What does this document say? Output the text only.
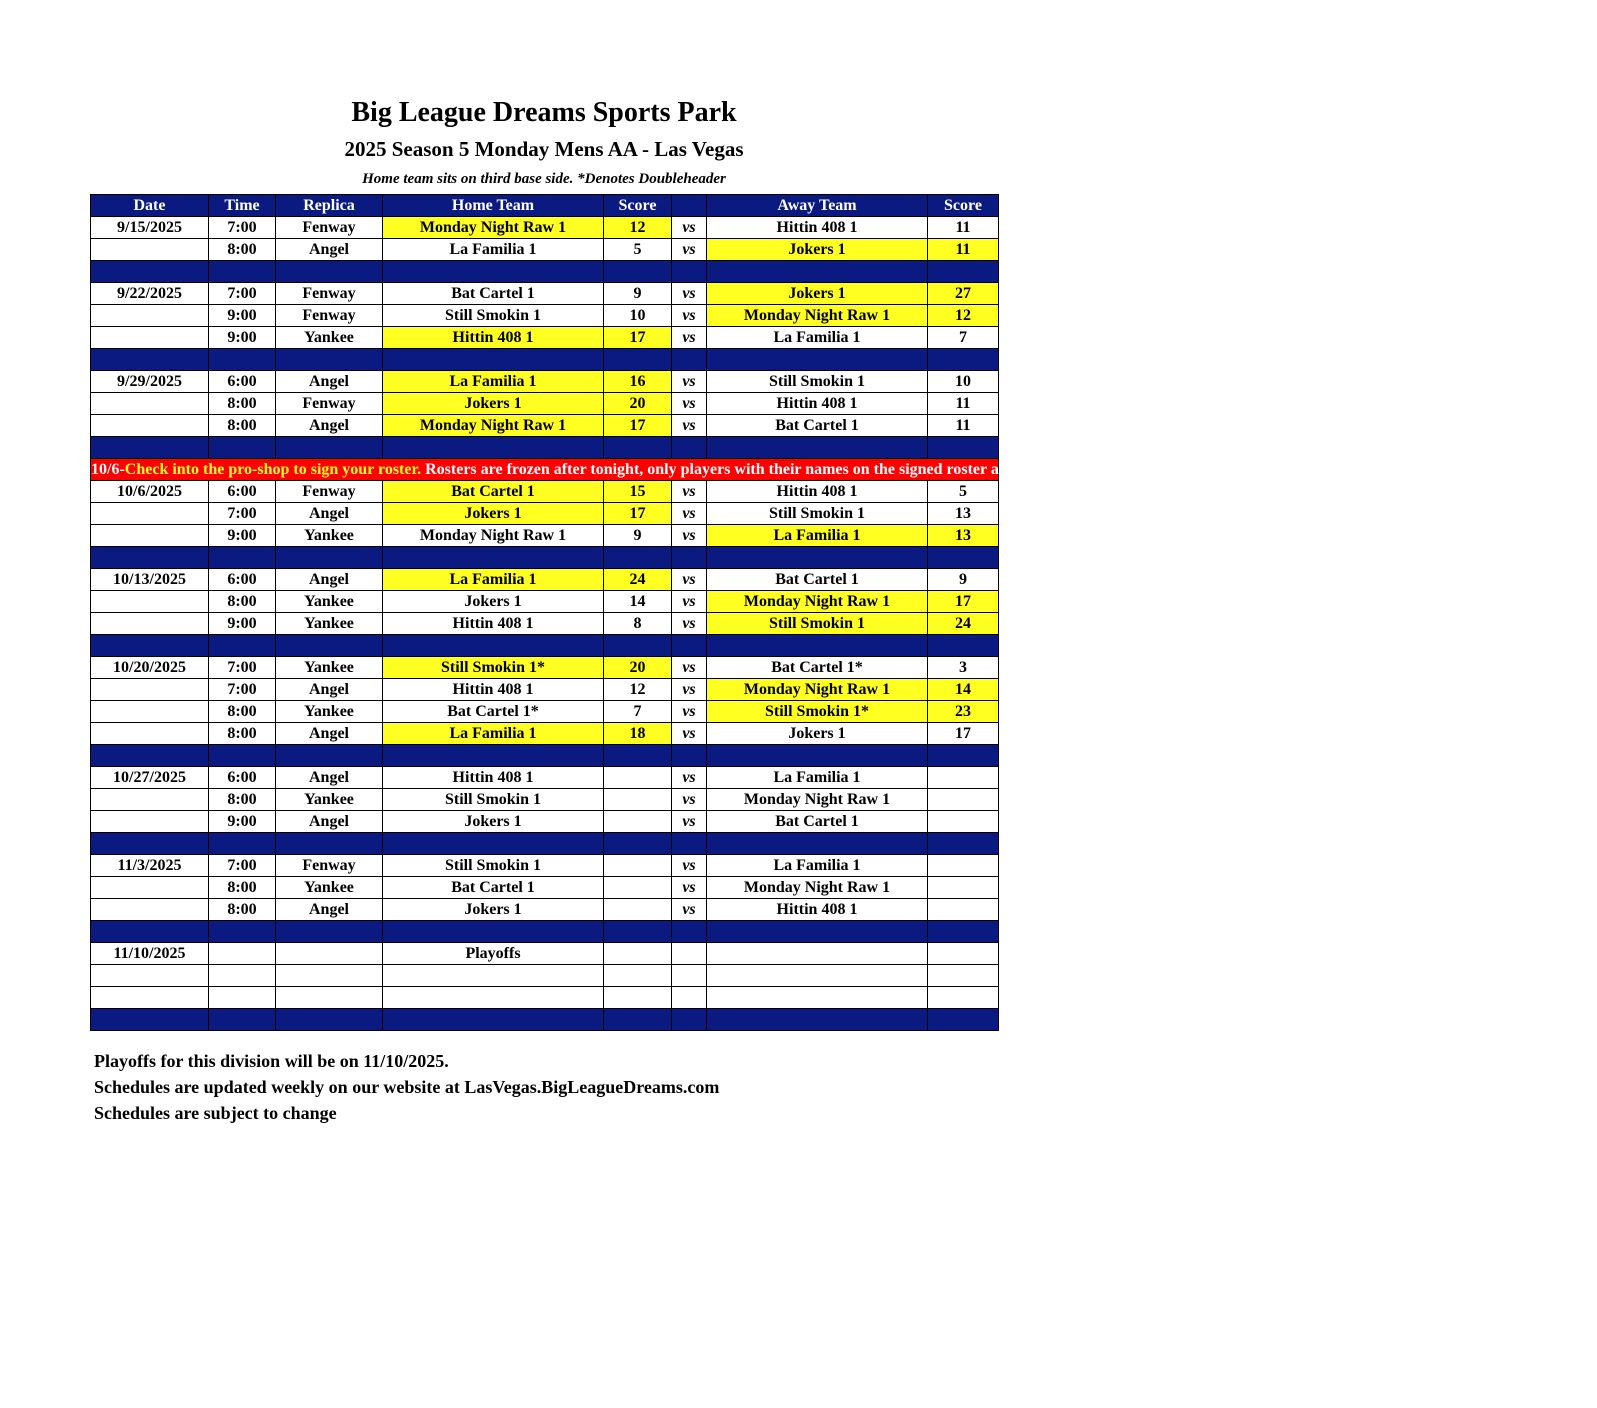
Big League Dreams Sports Park
2025 Season 5 Monday Mens AA - Las Vegas
Home team sits on third base side. *Denotes Doubleheader
Date	Time	Replica	Home Team	Score		Away Team	Score
9/15/2025	7:00	Fenway	Monday Night Raw 1	12	vs	Hittin 408 1	11
	8:00	Angel	La Familia 1	5	vs	Jokers 1	11

9/22/2025	7:00	Fenway	Bat Cartel 1	9	vs	Jokers 1	27
	9:00	Fenway	Still Smokin 1	10	vs	Monday Night Raw 1	12
	9:00	Yankee	Hittin 408 1	17	vs	La Familia 1	7

9/29/2025	6:00	Angel	La Familia 1	16	vs	Still Smokin 1	10
	8:00	Fenway	Jokers 1	20	vs	Hittin 408 1	11
	8:00	Angel	Monday Night Raw 1	17	vs	Bat Cartel 1	11

10/6-Check into the pro-shop to sign your roster. Rosters are frozen after tonight, only players with their names on the signed roster are eligible for playoffs. Please check carefully as changes will not be made for omissions.							
10/6/2025	6:00	Fenway	Bat Cartel 1	15	vs	Hittin 408 1	5
	7:00	Angel	Jokers 1	17	vs	Still Smokin 1	13
	9:00	Yankee	Monday Night Raw 1	9	vs	La Familia 1	13

10/13/2025	6:00	Angel	La Familia 1	24	vs	Bat Cartel 1	9
	8:00	Yankee	Jokers 1	14	vs	Monday Night Raw 1	17
	9:00	Yankee	Hittin 408 1	8	vs	Still Smokin 1	24

10/20/2025	7:00	Yankee	Still Smokin 1*	20	vs	Bat Cartel 1*	3
	7:00	Angel	Hittin 408 1	12	vs	Monday Night Raw 1	14
	8:00	Yankee	Bat Cartel 1*	7	vs	Still Smokin 1*	23
	8:00	Angel	La Familia 1	18	vs	Jokers 1	17

10/27/2025	6:00	Angel	Hittin 408 1		vs	La Familia 1	
	8:00	Yankee	Still Smokin 1		vs	Monday Night Raw 1	
	9:00	Angel	Jokers 1		vs	Bat Cartel 1	

11/3/2025	7:00	Fenway	Still Smokin 1		vs	La Familia 1	
	8:00	Yankee	Bat Cartel 1		vs	Monday Night Raw 1	
	8:00	Angel	Jokers 1		vs	Hittin 408 1	

11/10/2025			Playoffs				

Playoffs for this division will be on 11/10/2025.
Schedules are updated weekly on our website at LasVegas.BigLeagueDreams.com
Schedules are subject to change
